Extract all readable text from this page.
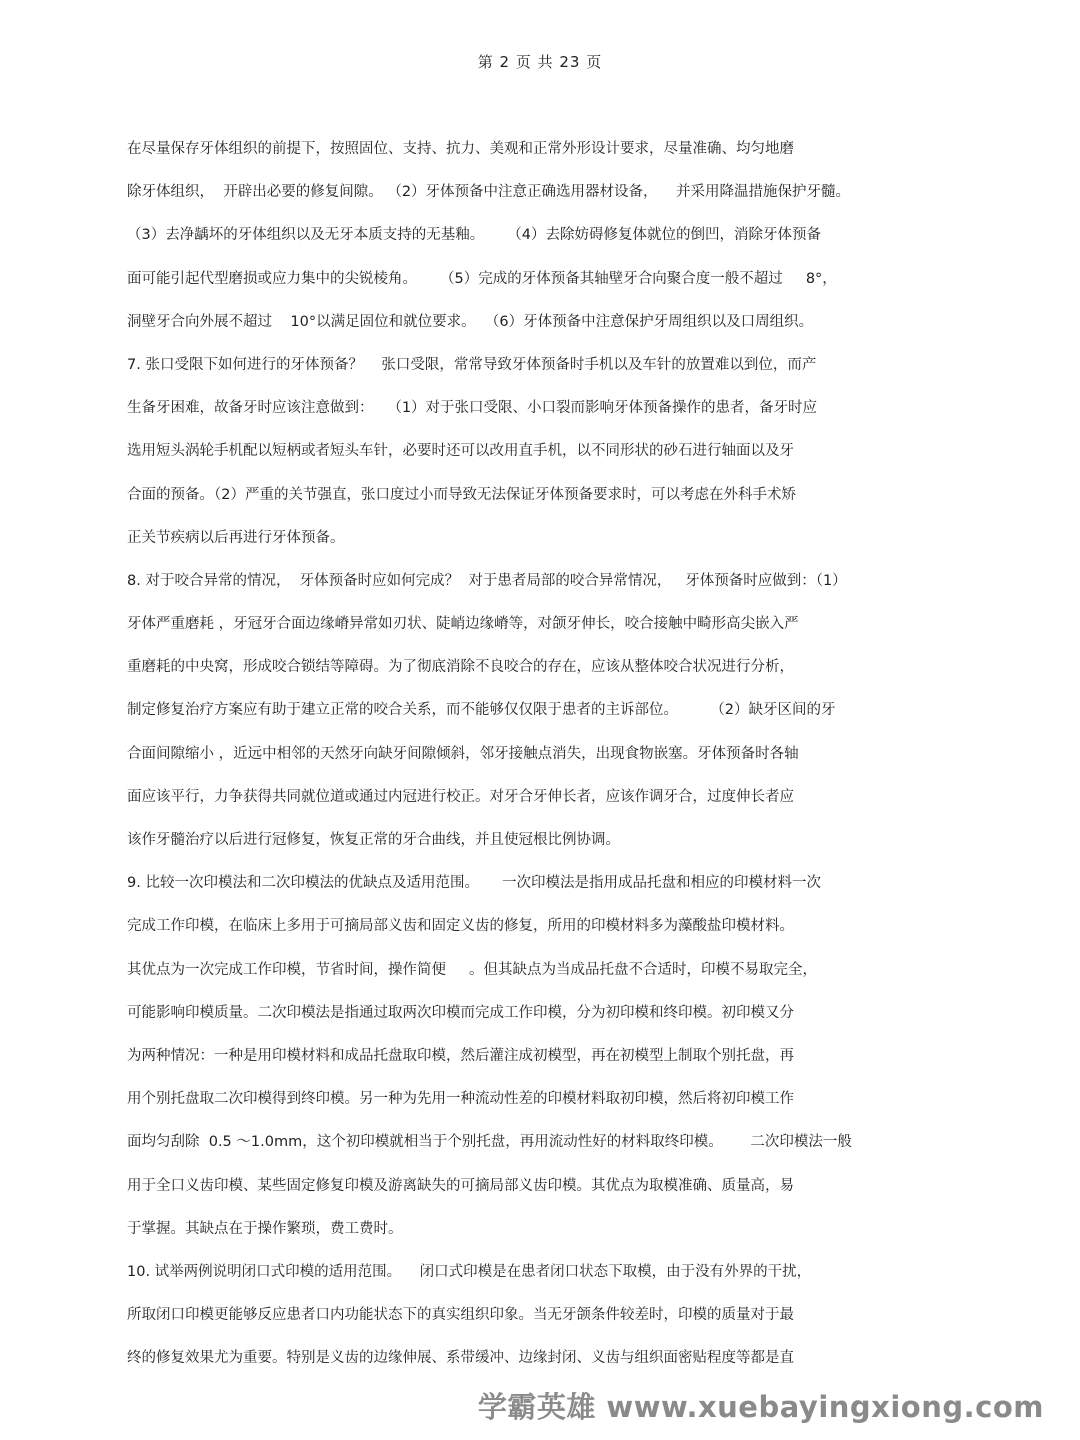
第 2 页 共 23 页
在尽量保存牙体组织的前提下，按照固位、支持、抗力、美观和正常外形设计要求，尽量准确、均匀地磨
除牙体组织，  开辟出必要的修复间隙。 （2）牙体预备中注意正确选用器材设备，    并采用降温措施保护牙髓。
（3）去净龋坏的牙体组织以及无牙本质支持的无基釉。     （4）去除妨碍修复体就位的倒凹，消除牙体预备
面可能引起代型磨损或应力集中的尖锐棱角。     （5）完成的牙体预备其轴壁牙合向聚合度一般不超过     8°，
洞壁牙合向外展不超过    10°以满足固位和就位要求。  （6）牙体预备中注意保护牙周组织以及口周组织。
7. 张口受限下如何进行的牙体预备？    张口受限，常常导致牙体预备时手机以及车针的放置难以到位，而产
生备牙困难，故备牙时应该注意做到：   （1）对于张口受限、小口裂而影响牙体预备操作的患者，备牙时应
选用短头涡轮手机配以短柄或者短头车针，必要时还可以改用直手机，以不同形状的砂石进行轴面以及牙
合面的预备。（2）严重的关节强直，张口度过小而导致无法保证牙体预备要求时，可以考虑在外科手术矫
正关节疾病以后再进行牙体预备。
8. 对于咬合异常的情况，  牙体预备时应如何完成？  对于患者局部的咬合异常情况，   牙体预备时应做到：（1）
牙体严重磨耗 ，牙冠牙合面边缘嵴异常如刃状、陡峭边缘嵴等，对颌牙伸长，咬合接触中畸形高尖嵌入严
重磨耗的中央窝，形成咬合锁结等障碍。为了彻底消除不良咬合的存在，应该从整体咬合状况进行分析，
制定修复治疗方案应有助于建立正常的咬合关系，而不能够仅仅限于患者的主诉部位。       （2）缺牙区间的牙
合面间隙缩小 ，近远中相邻的天然牙向缺牙间隙倾斜，邻牙接触点消失，出现食物嵌塞。牙体预备时各轴
面应该平行，力争获得共同就位道或通过内冠进行校正。对牙合牙伸长者，应该作调牙合，过度伸长者应
该作牙髓治疗以后进行冠修复，恢复正常的牙合曲线，并且使冠根比例协调。
9. 比较一次印模法和二次印模法的优缺点及适用范围。     一次印模法是指用成品托盘和相应的印模材料一次
完成工作印模，在临床上多用于可摘局部义齿和固定义齿的修复，所用的印模材料多为藻酸盐印模材料。
其优点为一次完成工作印模，节省时间，操作简便     。但其缺点为当成品托盘不合适时，印模不易取完全，
可能影响印模质量。二次印模法是指通过取两次印模而完成工作印模，分为初印模和终印模。初印模又分
为两种情况：一种是用印模材料和成品托盘取印模，然后灌注成初模型，再在初模型上制取个别托盘，再
用个别托盘取二次印模得到终印模。另一种为先用一种流动性差的印模材料取初印模，然后将初印模工作
面均匀刮除  0.5 ～1.0mm，这个初印模就相当于个别托盘，再用流动性好的材料取终印模。      二次印模法一般
用于全口义齿印模、某些固定修复印模及游离缺失的可摘局部义齿印模。其优点为取模准确、质量高，易
于掌握。其缺点在于操作繁琐，费工费时。
10. 试举两例说明闭口式印模的适用范围。    闭口式印模是在患者闭口状态下取模，由于没有外界的干扰，
所取闭口印模更能够反应患者口内功能状态下的真实组织印象。当无牙颌条件较差时，印模的质量对于最
终的修复效果尤为重要。特别是义齿的边缘伸展、系带缓冲、边缘封闭、义齿与组织面密贴程度等都是直
学霸英雄 www.xuebayingxiong.com
